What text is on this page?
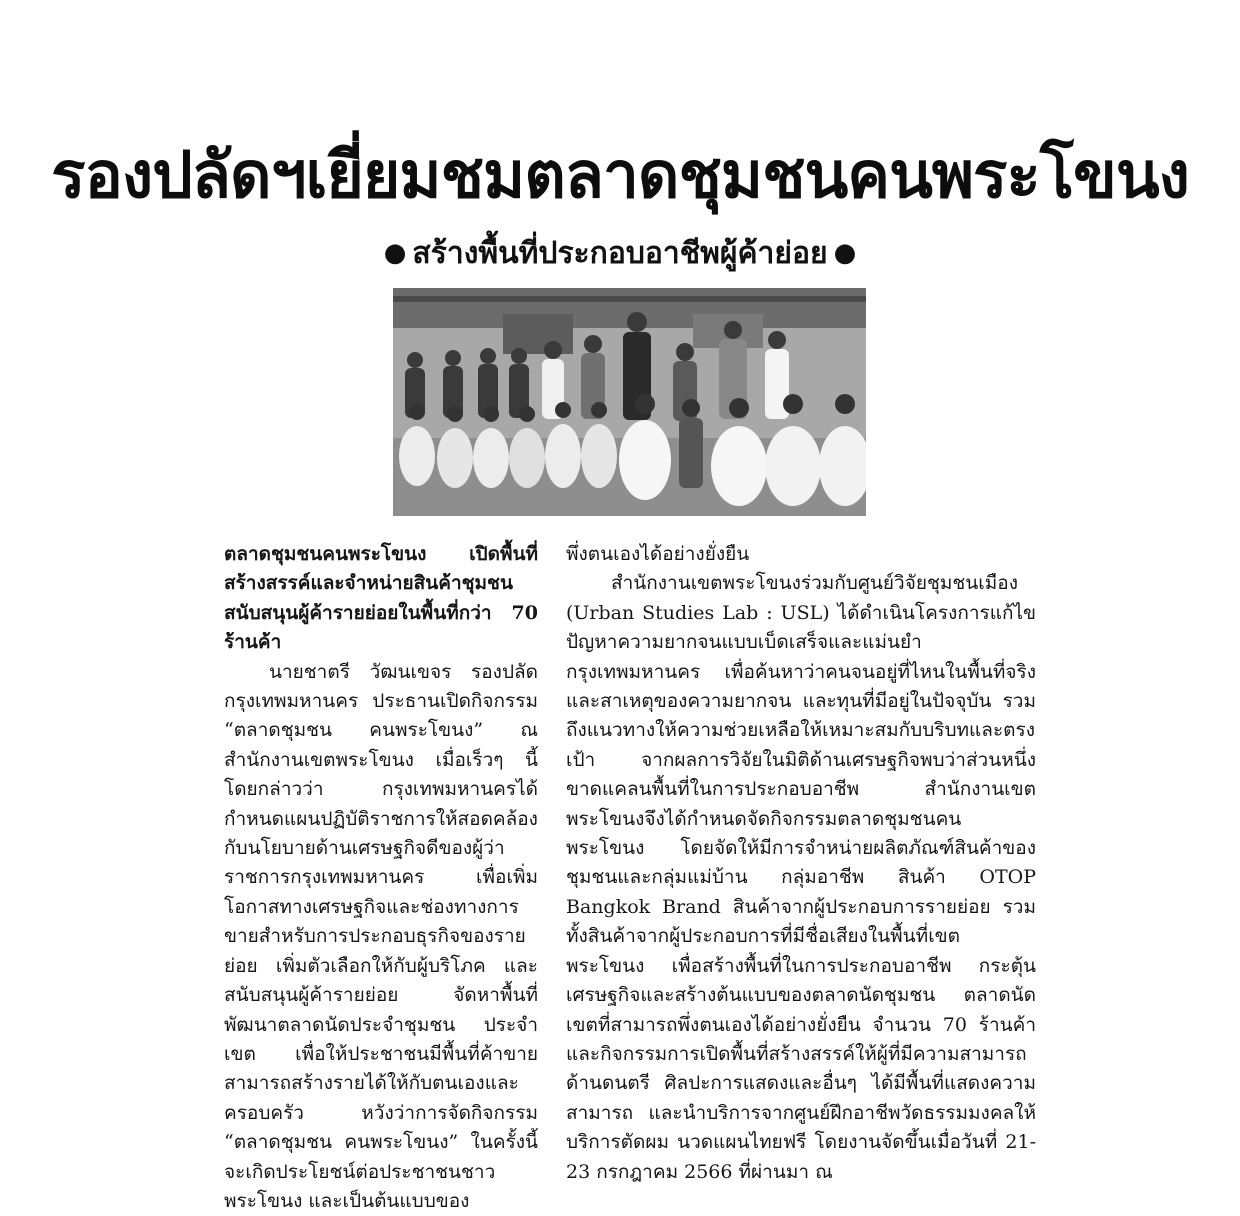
รองปลัดฯเยี่ยมชมตลาดชุมชนคนพระโขนง
● สร้างพื้นที่ประกอบอาชีพผู้ค้าย่อย ●

ตลาดชุมชนคนพระโขนง เปิดพื้นที่สร้างสรรค์และจำหน่ายสินค้าชุมชน สนับสนุนผู้ค้ารายย่อยในพื้นที่กว่า 70 ร้านค้า

นายชาตรี วัฒนเขจร รองปลัดกรุงเทพมหานคร ประธานเปิดกิจกรรม “ตลาดชุมชน คนพระโขนง” ณ สำนักงานเขตพระโขนง เมื่อเร็วๆ นี้ โดยกล่าวว่า กรุงเทพมหานครได้กำหนดแผนปฏิบัติราชการให้สอดคล้องกับนโยบายด้านเศรษฐกิจดีของผู้ว่าราชการกรุงเทพมหานคร เพื่อเพิ่มโอกาสทางเศรษฐกิจและช่องทางการขายสำหรับการประกอบธุรกิจของรายย่อย เพิ่มตัวเลือกให้กับผู้บริโภค และสนับสนุนผู้ค้ารายย่อย จัดหาพื้นที่พัฒนาตลาดนัดประจำชุมชน ประจำเขต เพื่อให้ประชาชนมีพื้นที่ค้าขาย สามารถสร้างรายได้ให้กับตนเองและครอบครัว หวังว่าการจัดกิจกรรม “ตลาดชุมชน คนพระโขนง” ในครั้งนี้จะเกิดประโยชน์ต่อประชาชนชาวพระโขนง และเป็นต้นแบบของ

พึ่งตนเองได้อย่างยั่งยืน

สำนักงานเขตพระโขนงร่วมกับศูนย์วิจัยชุมชนเมือง (Urban Studies Lab : USL) ได้ดำเนินโครงการแก้ไขปัญหาความยากจนแบบเบ็ดเสร็จและแม่นยำกรุงเทพมหานคร เพื่อค้นหาว่าคนจนอยู่ที่ไหนในพื้นที่จริง และสาเหตุของความยากจน และทุนที่มีอยู่ในปัจจุบัน รวมถึงแนวทางให้ความช่วยเหลือให้เหมาะสมกับบริบทและตรงเป้า จากผลการวิจัยในมิติด้านเศรษฐกิจพบว่าส่วนหนึ่งขาดแคลนพื้นที่ในการประกอบอาชีพ สำนักงานเขตพระโขนงจึงได้กำหนดจัดกิจกรรมตลาดชุมชนคนพระโขนง โดยจัดให้มีการจำหน่ายผลิตภัณฑ์สินค้าของชุมชนและกลุ่มแม่บ้าน กลุ่มอาชีพ สินค้า OTOP Bangkok Brand สินค้าจากผู้ประกอบการรายย่อย รวมทั้งสินค้าจากผู้ประกอบการที่มีชื่อเสียงในพื้นที่เขตพระโขนง เพื่อสร้างพื้นที่ในการประกอบอาชีพ กระตุ้นเศรษฐกิจและสร้างต้นแบบของตลาดนัดชุมชน ตลาดนัดเขตที่สามารถพึ่งตนเองได้อย่างยั่งยืน จำนวน 70 ร้านค้า และกิจกรรมการเปิดพื้นที่สร้างสรรค์ให้ผู้ที่มีความสามารถด้านดนตรี ศิลปะการแสดงและอื่นๆ ได้มีพื้นที่แสดงความสามารถ และนำบริการจากศูนย์ฝึกอาชีพวัดธรรมมงคลให้บริการตัดผม นวดแผนไทยฟรี โดยงานจัดขึ้นเมื่อวันที่ 21-23 กรกฎาคม 2566 ที่ผ่านมา ณ
